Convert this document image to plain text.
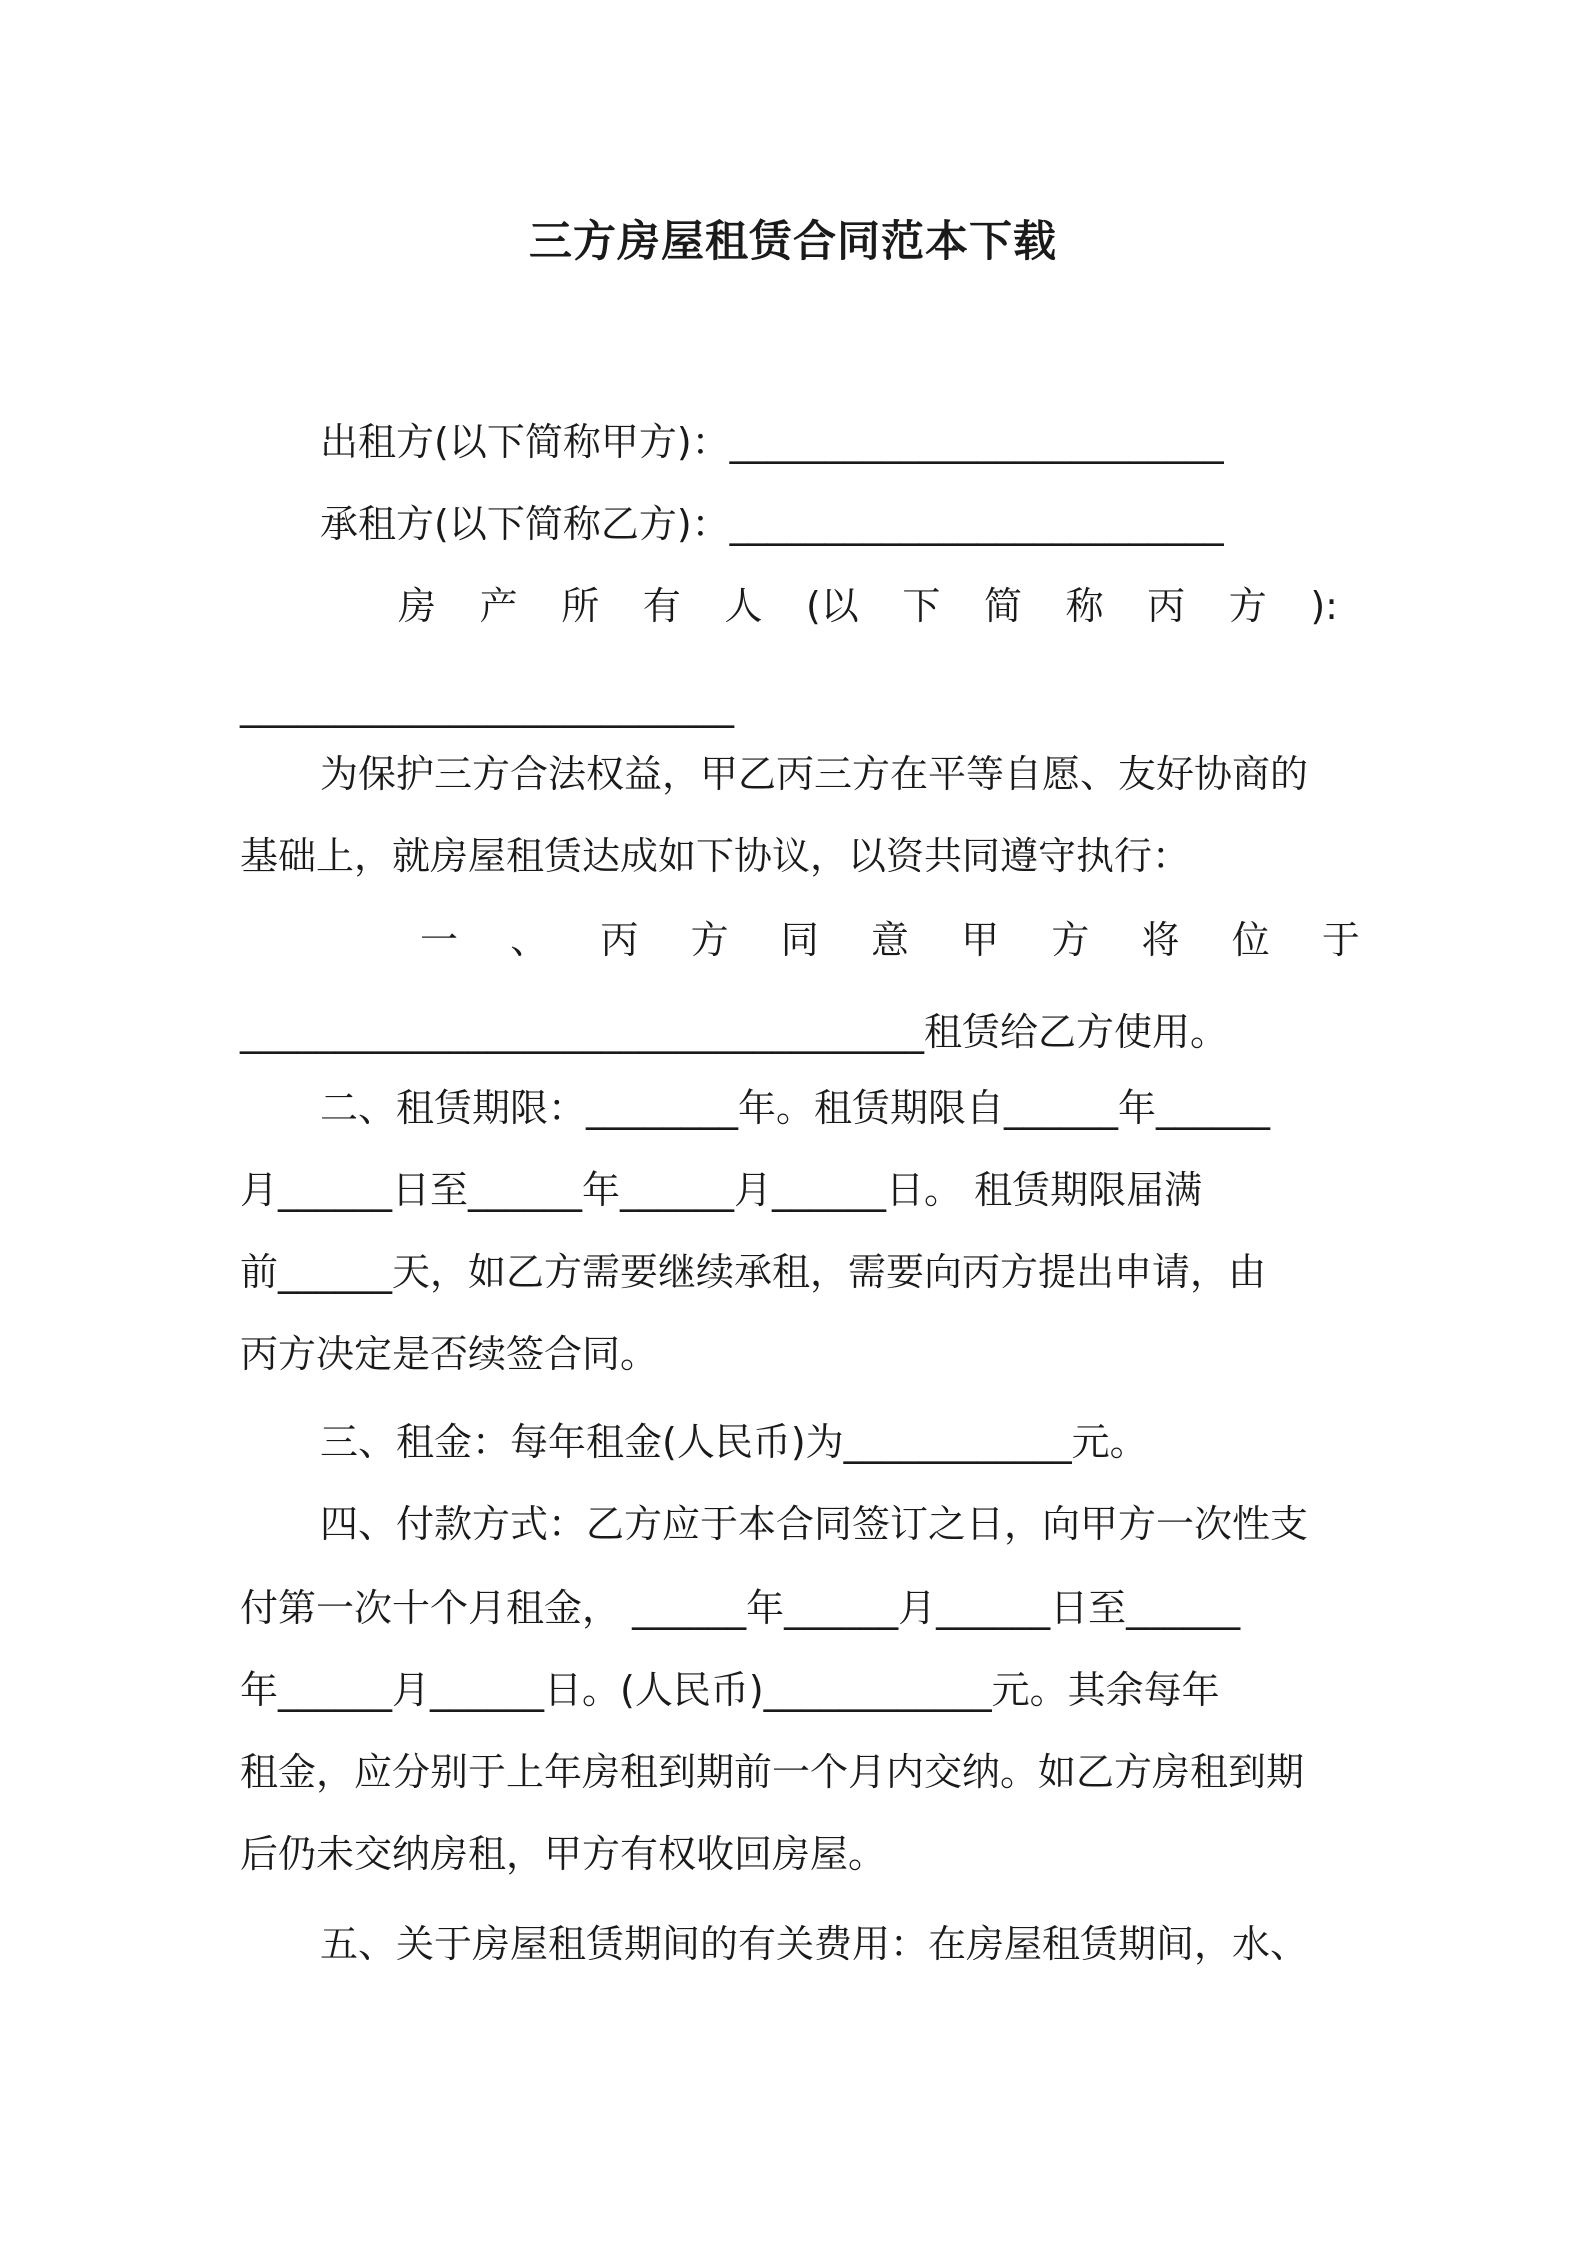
三方房屋租赁合同范本下载
出租方(以下简称甲方)：__________________________
承租方(以下简称乙方)：__________________________
房 产 所 有 人 (以 下 简 称 丙 方 ):
__________________________
为保护三方合法权益，甲乙丙三方在平等自愿、友好协商的
基础上，就房屋租赁达成如下协议，以资共同遵守执行：
一 、 丙 方 同 意 甲 方 将 位 于
____________________________________租赁给乙方使用。
二、租赁期限：________年。租赁期限自______年______
月______日至______年______月______日。 租赁期限届满
前______天，如乙方需要继续承租，需要向丙方提出申请，由
丙方决定是否续签合同。
三、租金：每年租金(人民币)为____________元。
四、付款方式：乙方应于本合同签订之日，向甲方一次性支
付第一次十个月租金， ______年______月______日至______
年______月______日。(人民币)____________元。其余每年
租金，应分别于上年房租到期前一个月内交纳。如乙方房租到期
后仍未交纳房租，甲方有权收回房屋。
五、关于房屋租赁期间的有关费用：在房屋租赁期间，水、
